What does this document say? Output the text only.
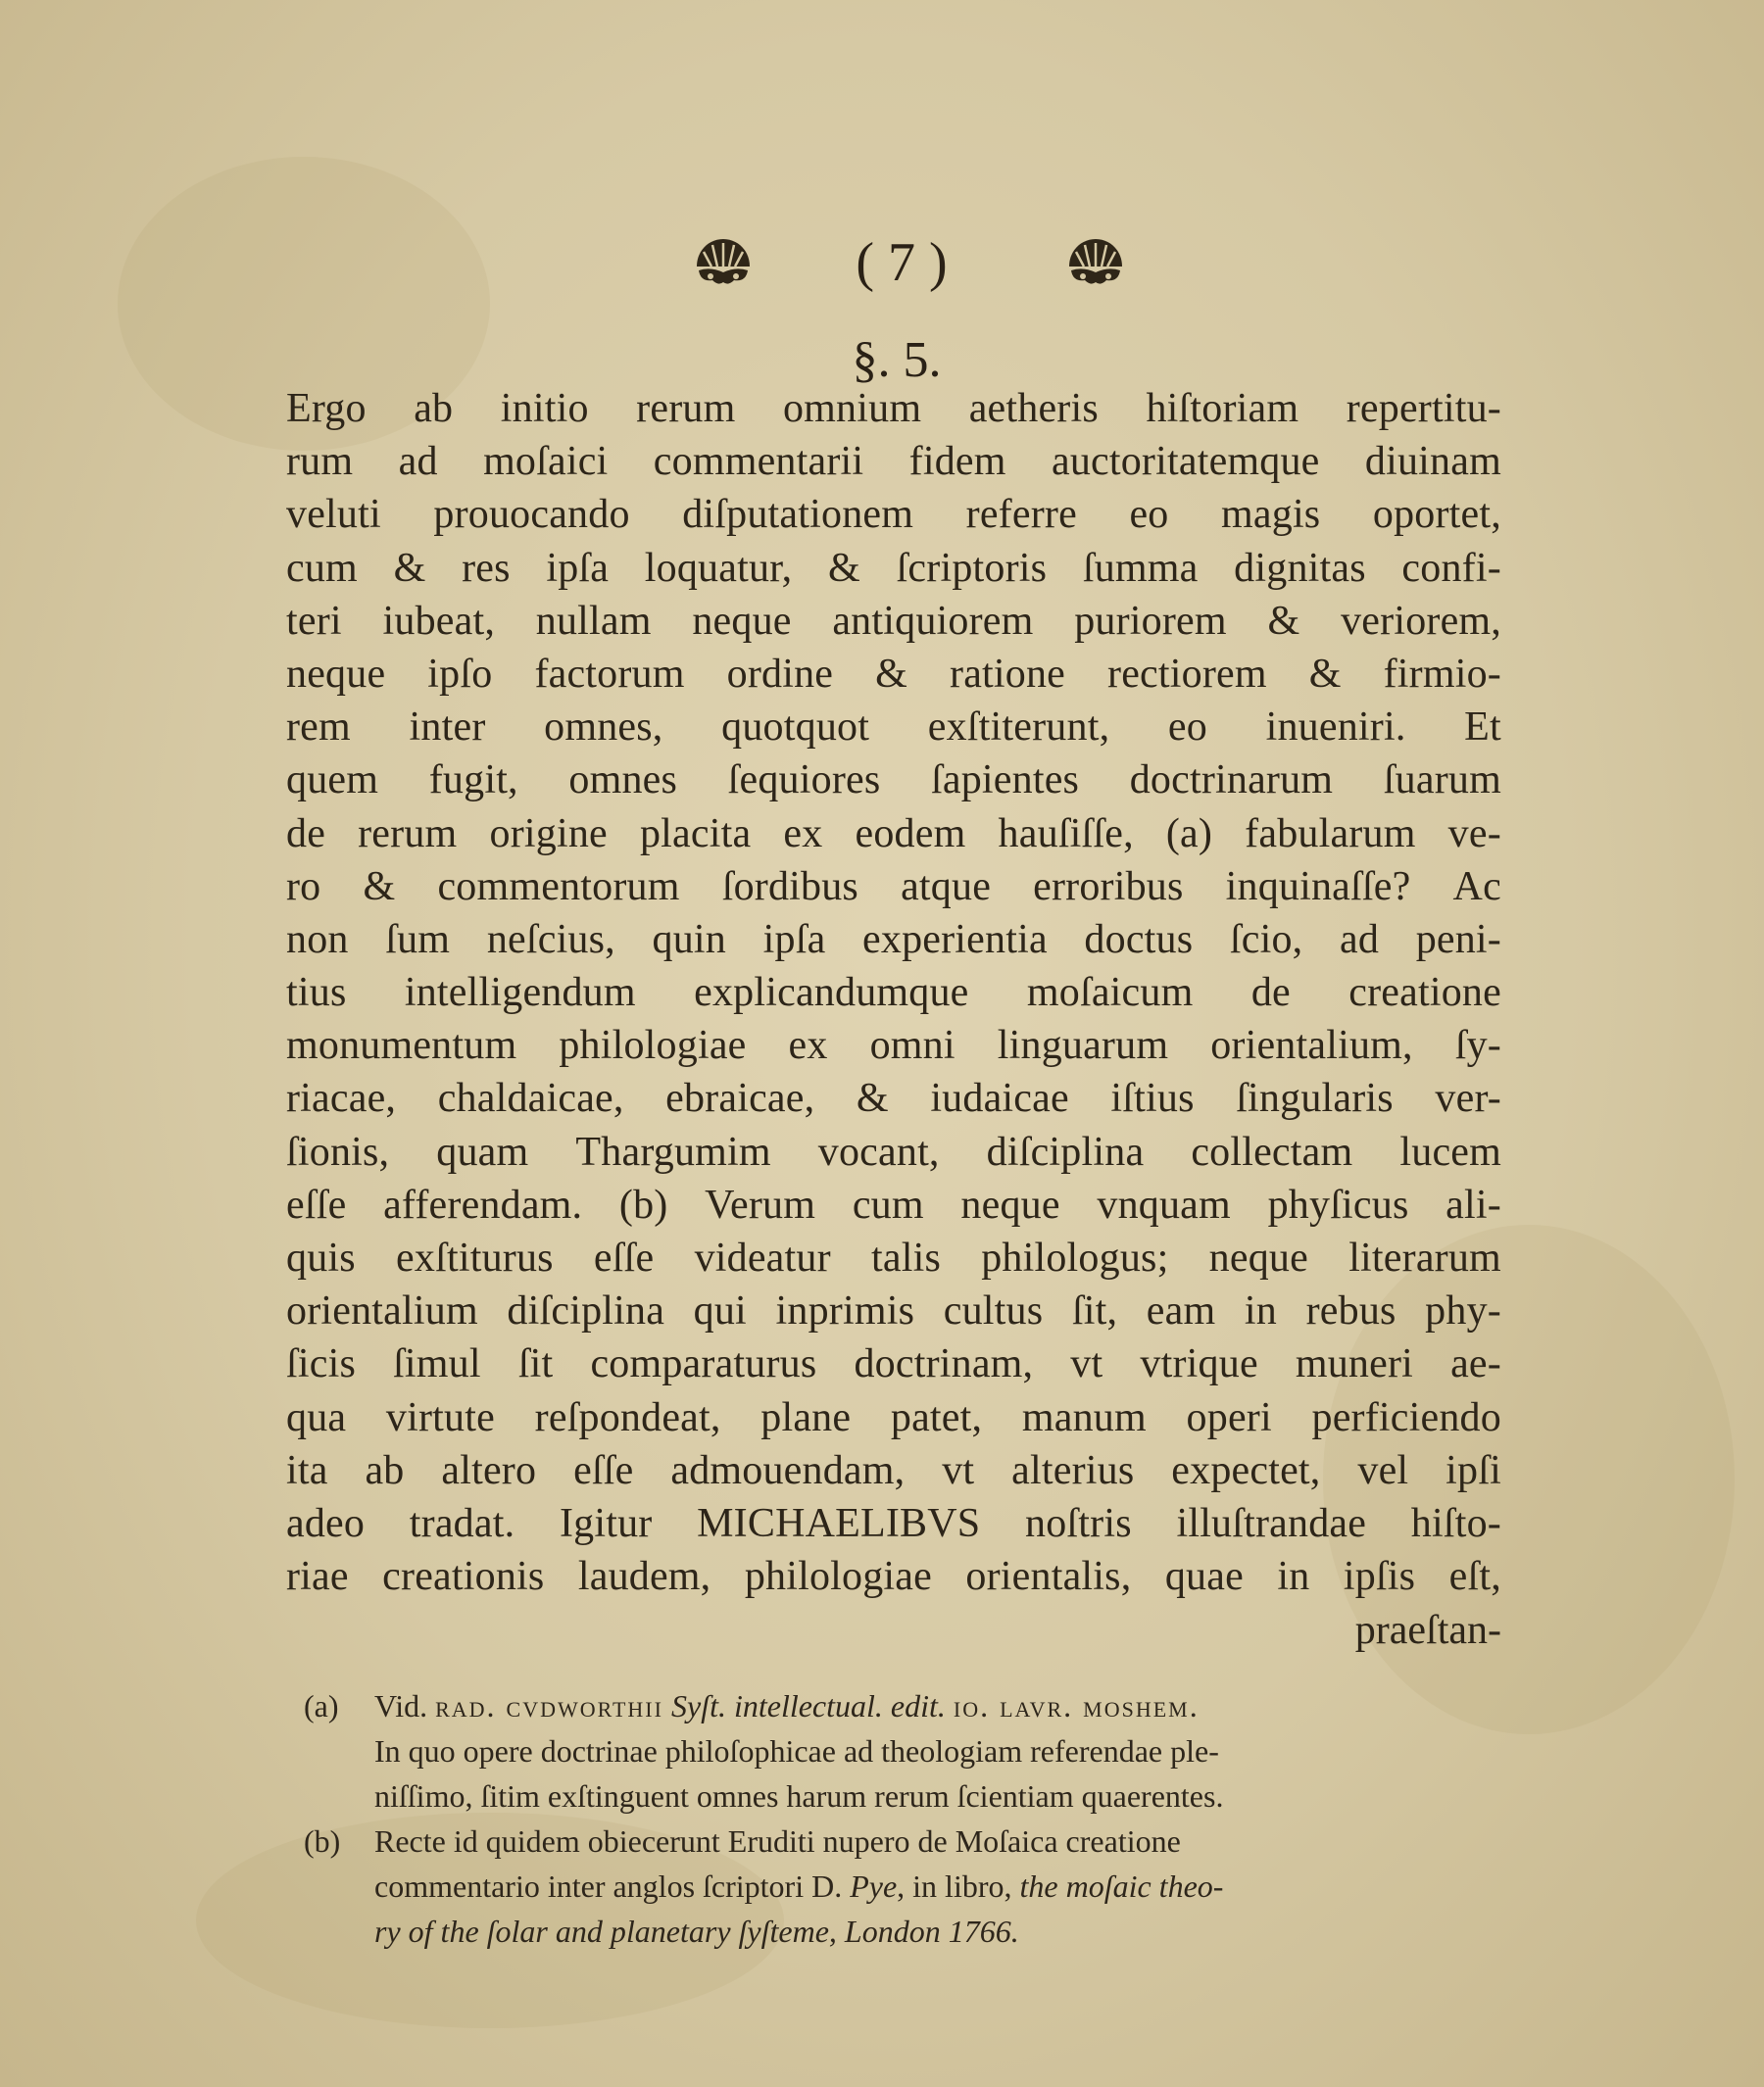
( 7 )
§. 5.
Ergo ab initio rerum omnium aetheris hiſtoriam repertitu-
rum ad moſaici commentarii fidem auctoritatemque diuinam
veluti prouocando diſputationem referre eo magis oportet,
cum & res ipſa loquatur, & ſcriptoris ſumma dignitas confi-
teri iubeat, nullam neque antiquiorem puriorem & veriorem,
neque ipſo factorum ordine & ratione rectiorem & firmio-
rem inter omnes, quotquot exſtiterunt, eo inueniri. Et
quem fugit, omnes ſequiores ſapientes doctrinarum ſuarum
de rerum origine placita ex eodem hauſiſſe, (a) fabularum ve-
ro & commentorum ſordibus atque erroribus inquinaſſe? Ac
non ſum neſcius, quin ipſa experientia doctus ſcio, ad peni-
tius intelligendum explicandumque moſaicum de creatione
monumentum philologiae ex omni linguarum orientalium, ſy-
riacae, chaldaicae, ebraicae, & iudaicae iſtius ſingularis ver-
ſionis, quam Thargumim vocant, diſciplina collectam lucem
eſſe afferendam. (b) Verum cum neque vnquam phyſicus ali-
quis exſtiturus eſſe videatur talis philologus; neque literarum
orientalium diſciplina qui inprimis cultus ſit, eam in rebus phy-
ſicis ſimul ſit comparaturus doctrinam, vt vtrique muneri ae-
qua virtute reſpondeat, plane patet, manum operi perficiendo
ita ab altero eſſe admouendam, vt alterius expectet, vel ipſi
adeo tradat. Igitur MICHAELIBVS noſtris illuſtrandae hiſto-
riae creationis laudem, philologiae orientalis, quae in ipſis eſt,
praeſtan-
(a) Vid. rad. cvdworthii Syſt. intellectual. edit. io. lavr. moshem.
In quo opere doctrinae philoſophicae ad theologiam referendae ple-
niſſimo, ſitim exſtinguent omnes harum rerum ſcientiam quaerentes.
(b) Recte id quidem obiecerunt Eruditi nupero de Moſaica creatione
commentario inter anglos ſcriptori D. Pye, in libro, the moſaic theo-
ry of the ſolar and planetary ſyſteme, London 1766.
